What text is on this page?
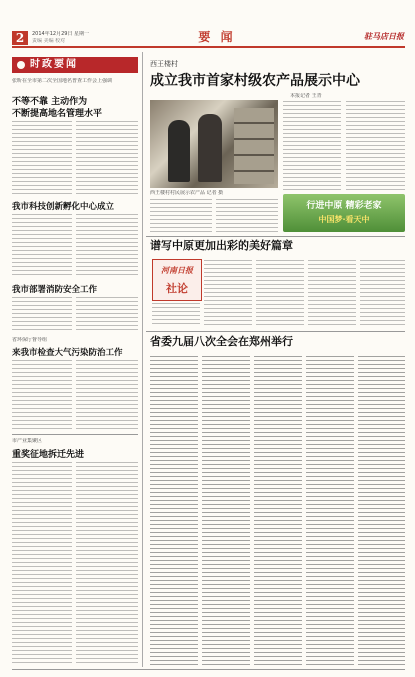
2	2014年12月29日 星期一
责编 美编 校对	要 闻	驻马店日报
时政要闻
张昕在全市第二次全国地名普查工作会上强调
不等不靠 主动作为
不断提高地名管理水平
我市科技创新孵化中心成立
我市部署消防安全工作
省环保厅督导组
来我市检查大气污染防治工作
市产业集聚区
重奖征地拆迁先进
西王楼村
成立我市首家村级农产品展示中心
本报记者 王青
西王楼村村民展示农产品 记者 摄
行进中原 精彩老家
中国梦·看天中
谱写中原更加出彩的美好篇章
河南日报
社论
省委九届八次全会在郑州举行
